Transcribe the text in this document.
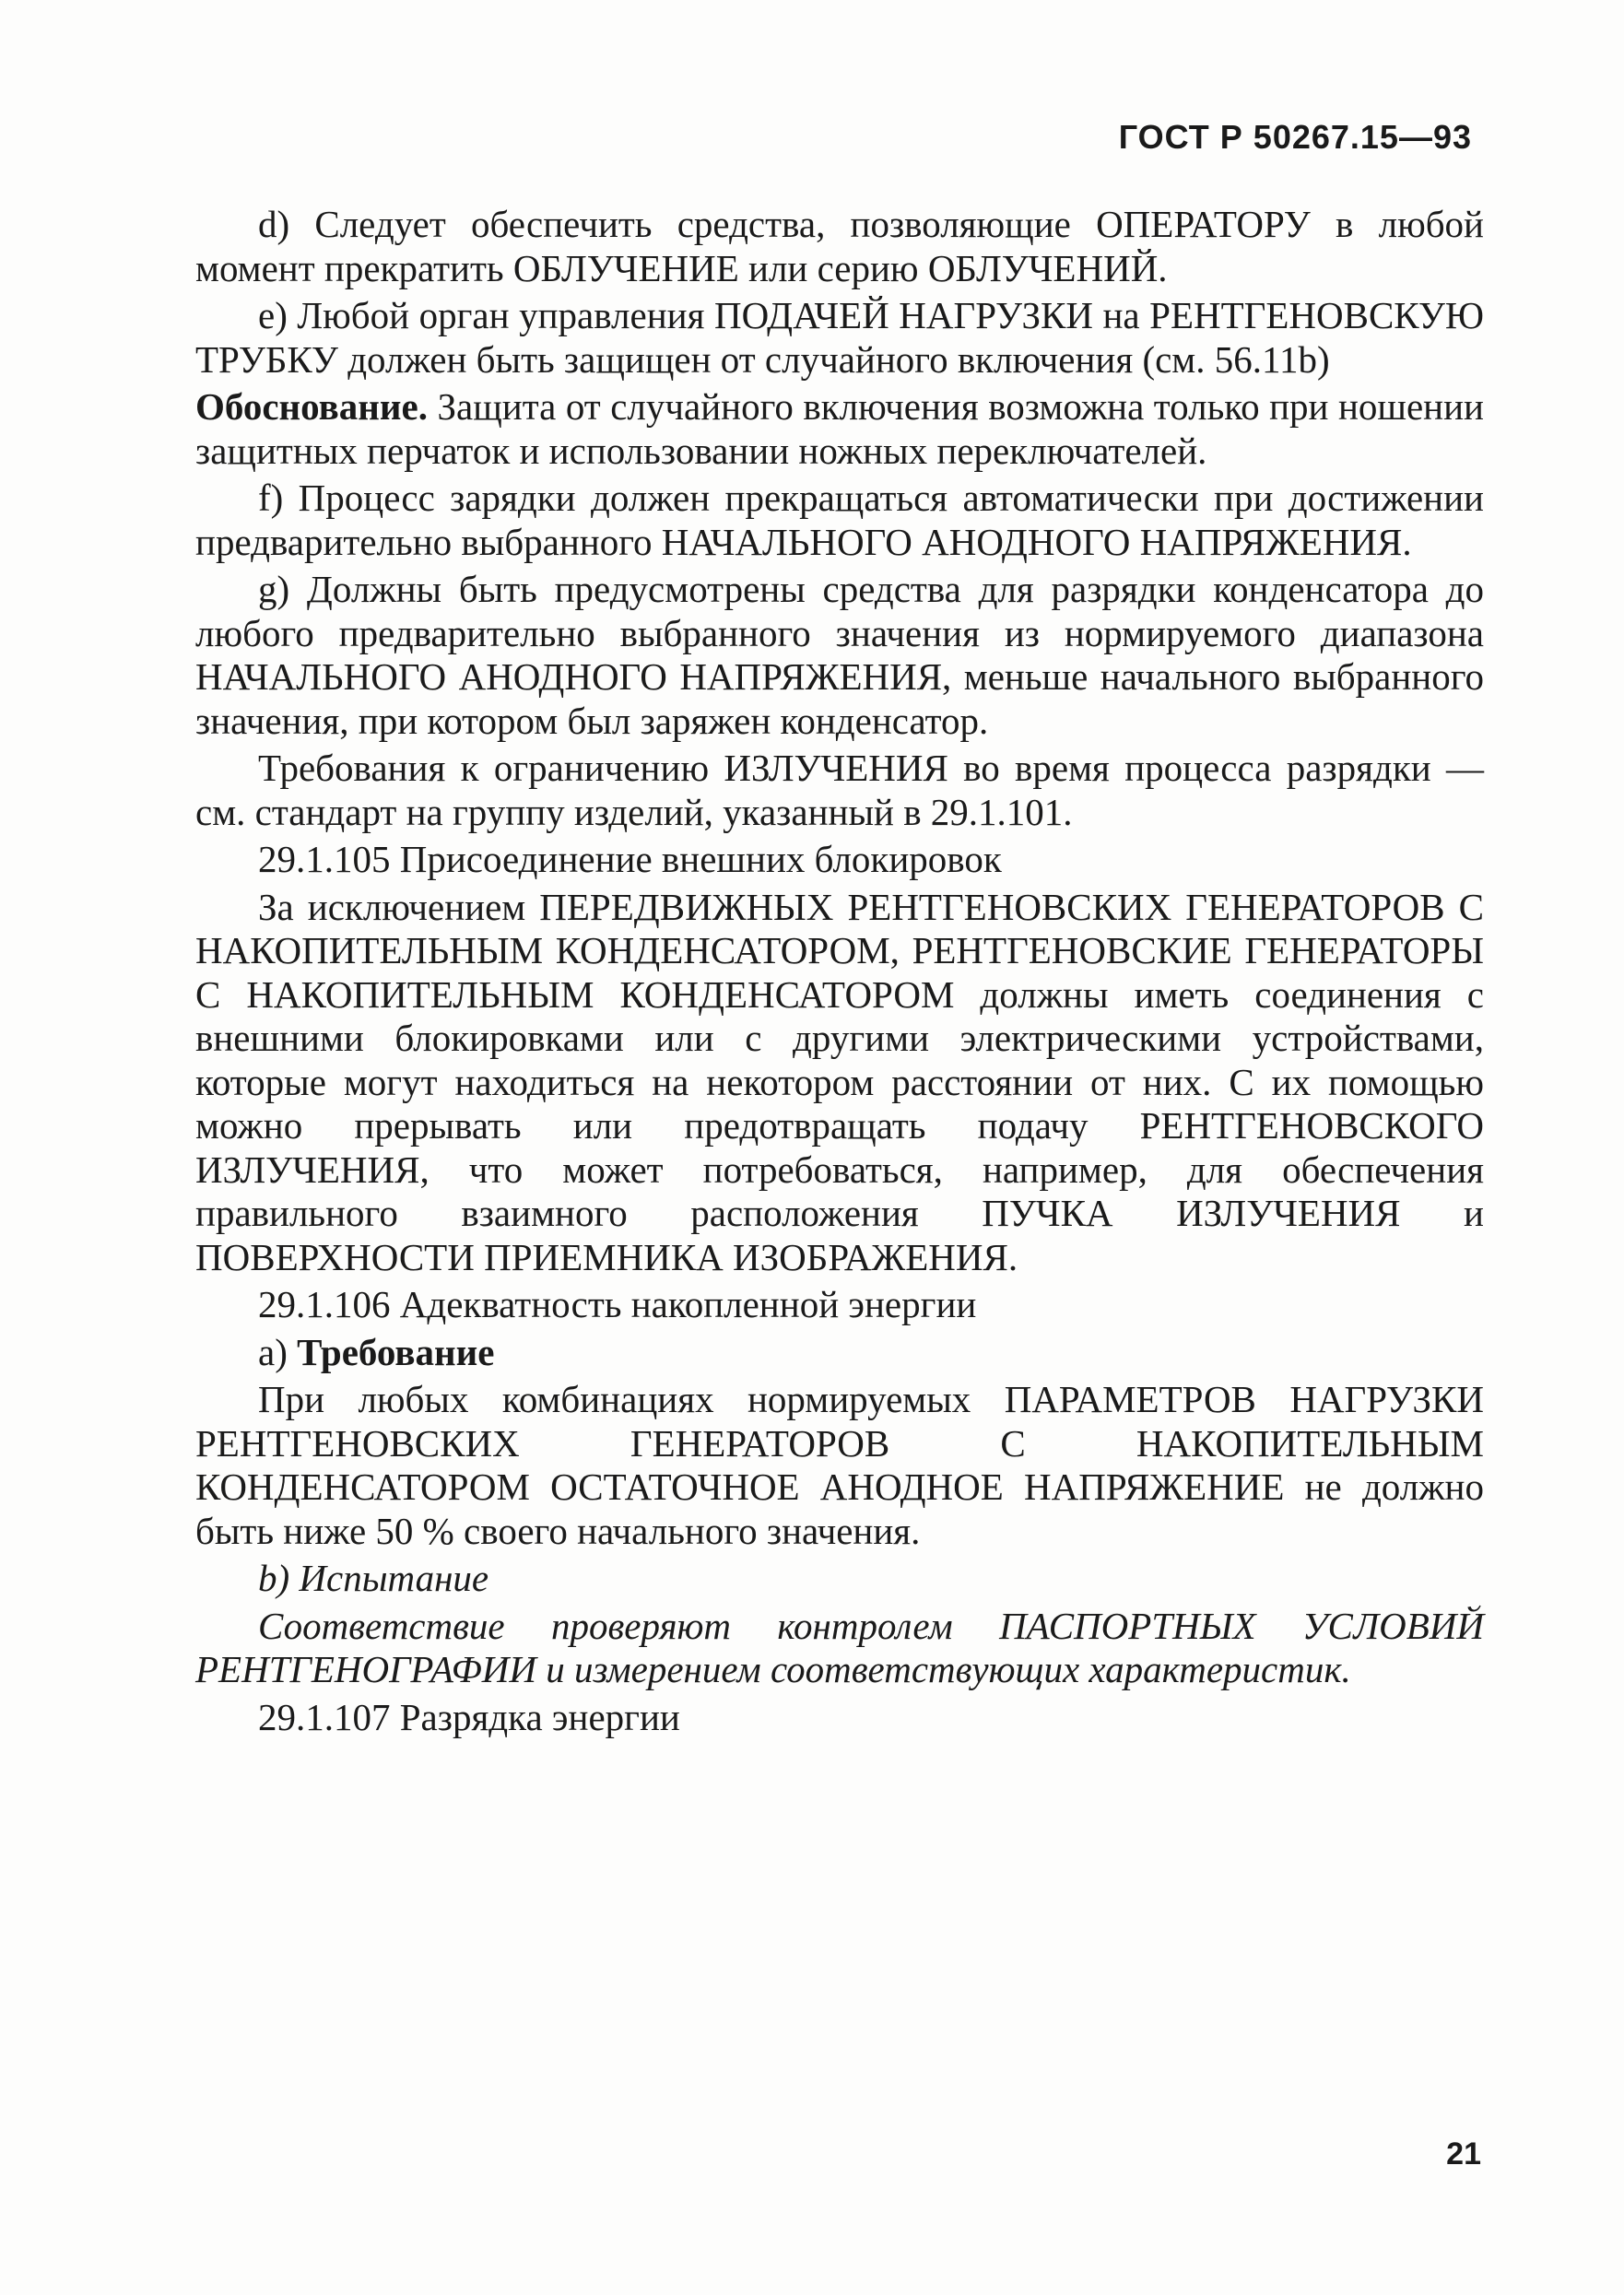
ГОСТ Р 50267.15—93

d) Следует обеспечить средства, позволяющие ОПЕРАТОРУ в любой момент прекратить ОБЛУЧЕНИЕ или серию ОБЛУЧЕНИЙ.

е) Любой орган управления ПОДАЧЕЙ НАГРУЗКИ на РЕНТГЕНОВСКУЮ ТРУБКУ должен быть защищен от случайного включения (см. 56.11b)

Обоснование. Защита от случайного включения возможна только при ношении защитных перчаток и использовании ножных переключателей.

f) Процесс зарядки должен прекращаться автоматически при достижении предварительно выбранного НАЧАЛЬНОГО АНОДНОГО НАПРЯЖЕНИЯ.

g) Должны быть предусмотрены средства для разрядки конденсатора до любого предварительно выбранного значения из нормируемого диапазона НАЧАЛЬНОГО АНОДНОГО НАПРЯЖЕНИЯ, меньше начального выбранного значения, при котором был заряжен конденсатор.

Требования к ограничению ИЗЛУЧЕНИЯ во время процесса разрядки — см. стандарт на группу изделий, указанный в 29.1.101.

29.1.105 Присоединение внешних блокировок

За исключением ПЕРЕДВИЖНЫХ РЕНТГЕНОВСКИХ ГЕНЕРАТОРОВ С НАКОПИТЕЛЬНЫМ КОНДЕНСАТОРОМ, РЕНТГЕНОВСКИЕ ГЕНЕРАТОРЫ С НАКОПИТЕЛЬНЫМ КОНДЕНСАТОРОМ должны иметь соединения с внешними блокировками или с другими электрическими устройствами, которые могут находиться на некотором расстоянии от них. С их помощью можно прерывать или предотвращать подачу РЕНТГЕНОВСКОГО ИЗЛУЧЕНИЯ, что может потребоваться, например, для обеспечения правильного взаимного расположения ПУЧКА ИЗЛУЧЕНИЯ и ПОВЕРХНОСТИ ПРИЕМНИКА ИЗОБРАЖЕНИЯ.

29.1.106 Адекватность накопленной энергии

а) Требование

При любых комбинациях нормируемых ПАРАМЕТРОВ НАГРУЗКИ РЕНТГЕНОВСКИХ ГЕНЕРАТОРОВ С НАКОПИТЕЛЬНЫМ КОНДЕНСАТОРОМ ОСТАТОЧНОЕ АНОДНОЕ НАПРЯЖЕНИЕ не должно быть ниже 50 % своего начального значения.

b) Испытание

Соответствие проверяют контролем ПАСПОРТНЫХ УСЛОВИЙ РЕНТГЕНОГРАФИИ и измерением соответствующих характеристик.

29.1.107 Разрядка энергии

21
